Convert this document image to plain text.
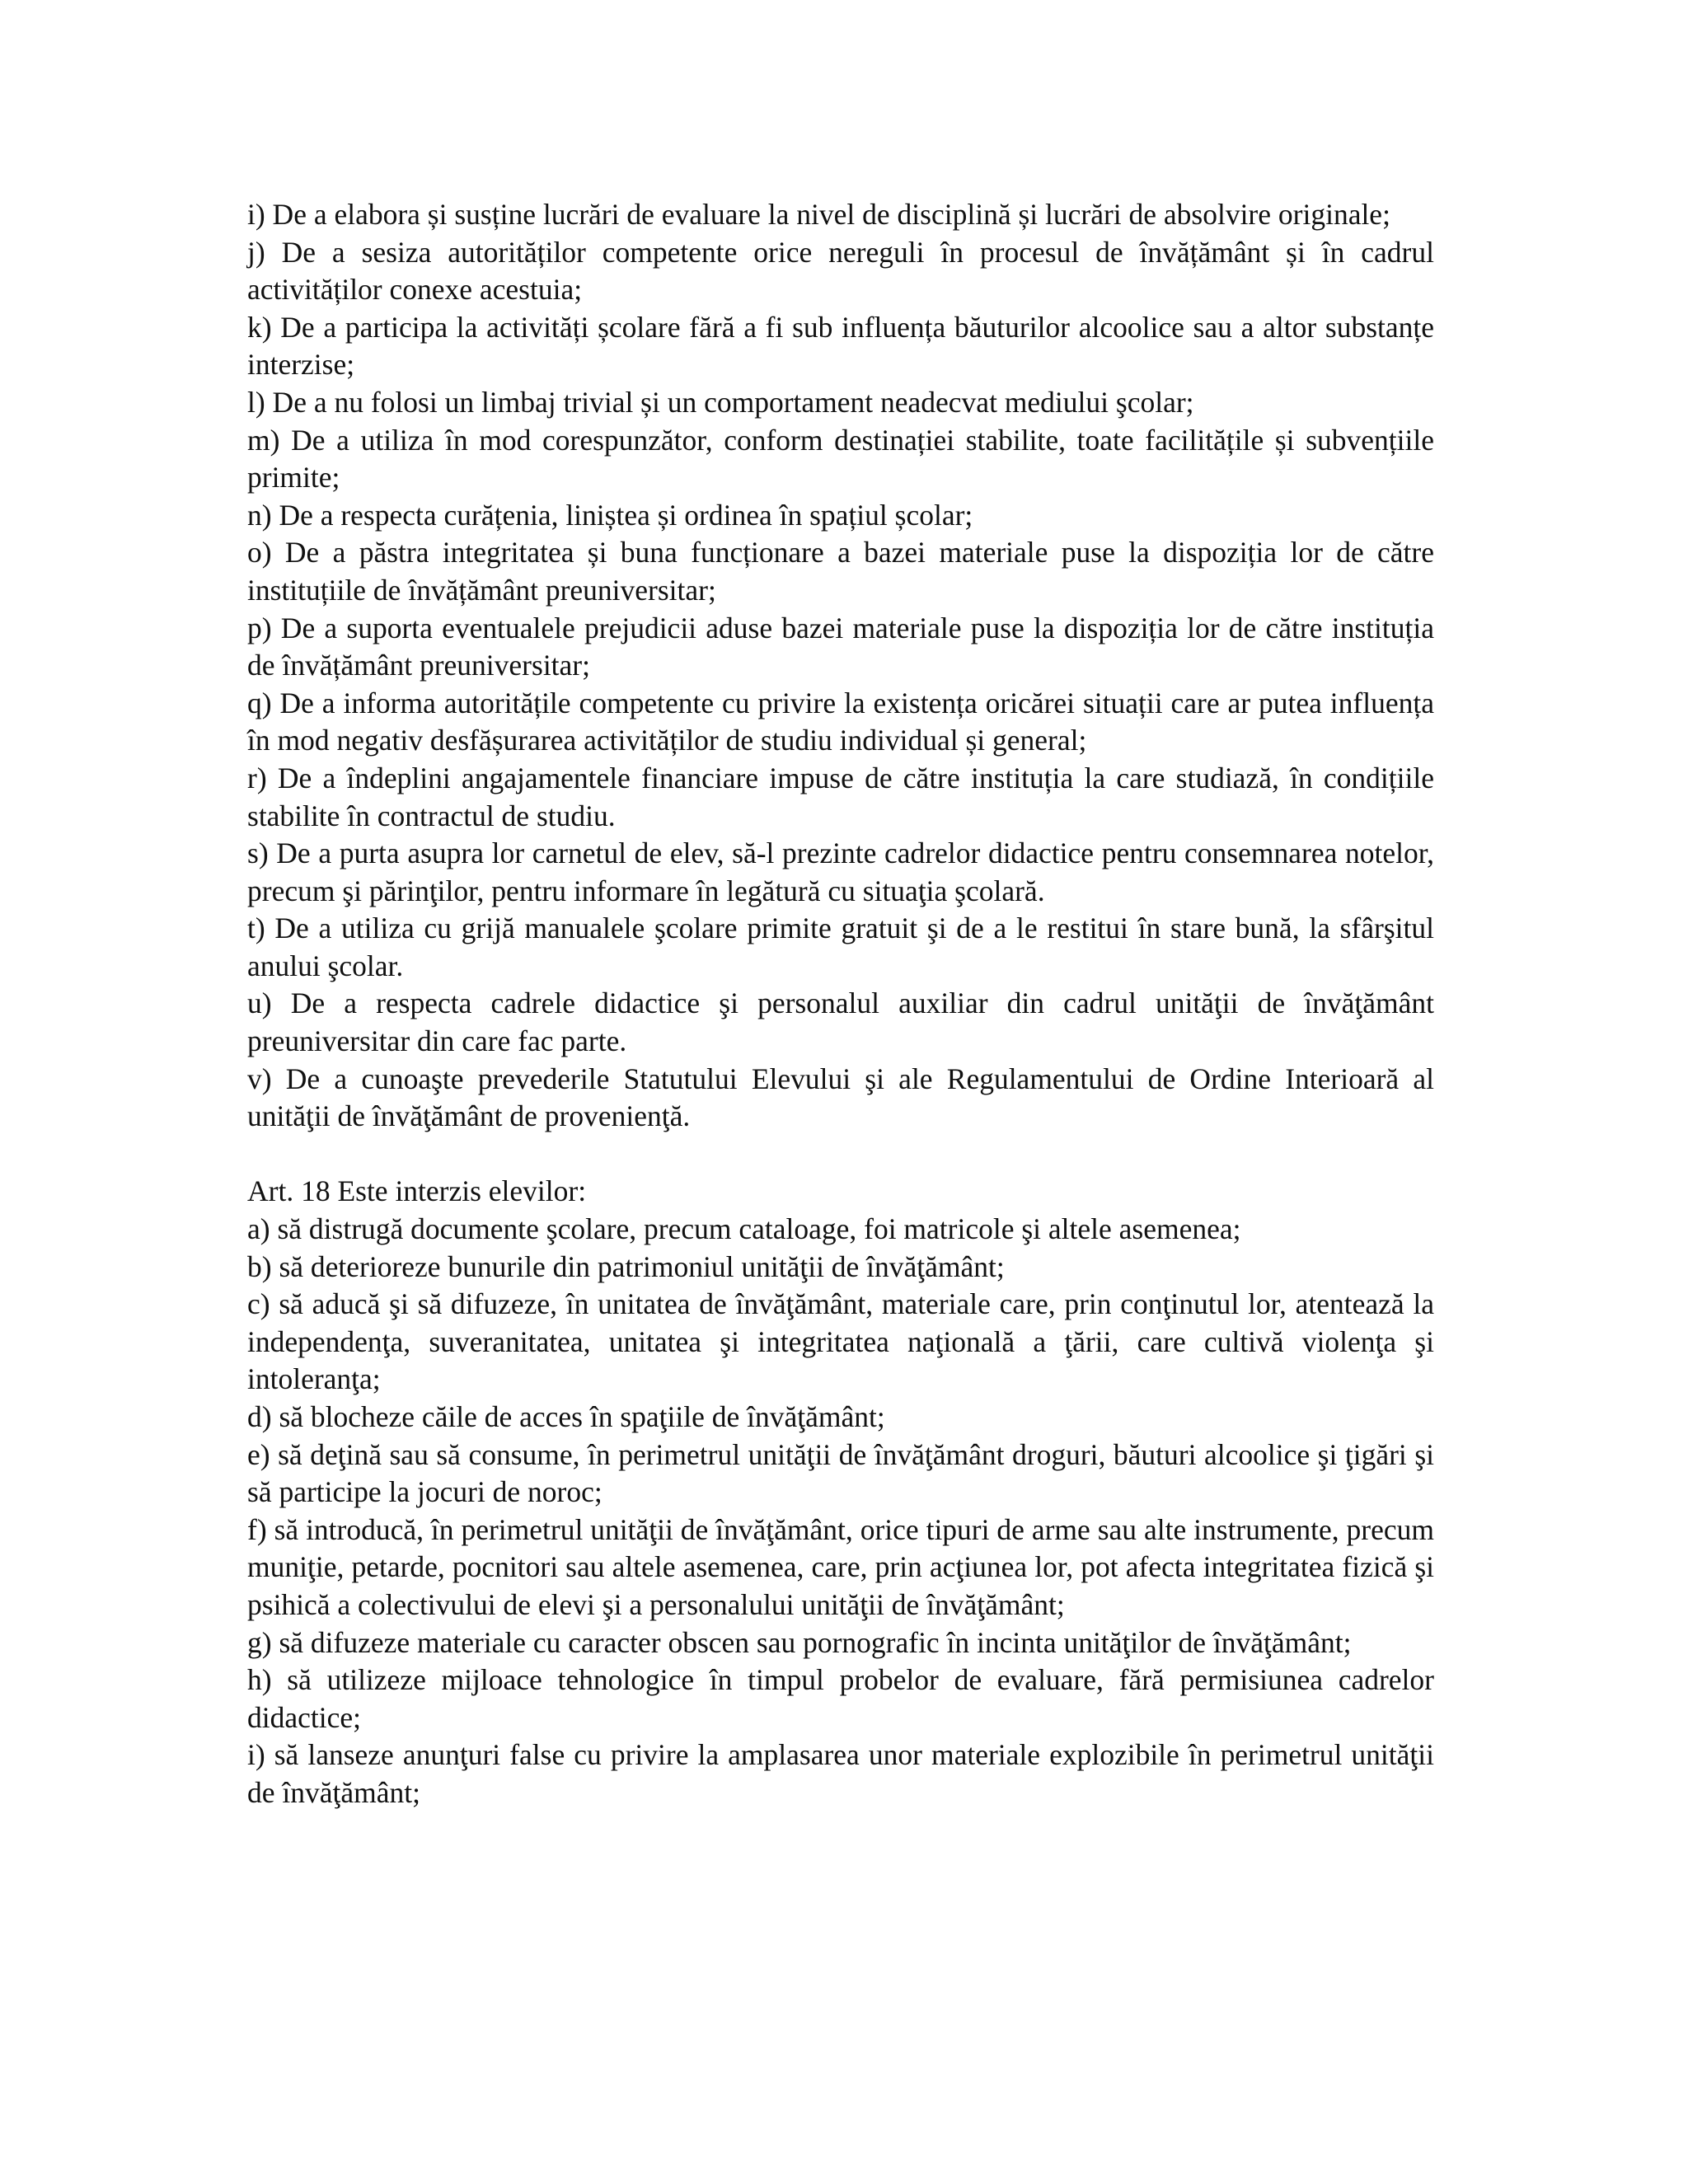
i) De a elabora și susține lucrări de evaluare la nivel de disciplină și lucrări de absolvire originale;

j) De a sesiza autorităților competente orice nereguli în procesul de învățământ și în cadrul activităților conexe acestuia;

k) De a participa la activități școlare fără a fi sub influența băuturilor alcoolice sau a altor substanțe interzise;

l) De a nu folosi un limbaj trivial și un comportament neadecvat mediului şcolar;

m) De a utiliza în mod corespunzător, conform destinației stabilite, toate facilitățile și subvențiile primite;

n) De a respecta curățenia, liniștea și ordinea în spațiul școlar;

o) De a păstra integritatea și buna funcționare a bazei materiale puse la dispoziția lor de către instituțiile de învățământ preuniversitar;

p) De a suporta eventualele prejudicii aduse bazei materiale puse la dispoziția lor de către instituția de învățământ preuniversitar;

q) De a informa autoritățile competente cu privire la existența oricărei situații care ar putea influența în mod negativ desfășurarea activităților de studiu individual și general;

r) De a îndeplini angajamentele financiare impuse de către instituția la care studiază, în condițiile stabilite în contractul de studiu.

s) De a purta asupra lor carnetul de elev, să-l prezinte cadrelor didactice pentru consemnarea notelor, precum şi părinţilor, pentru informare în legătură cu situaţia şcolară.

t) De a utiliza cu grijă manualele şcolare primite gratuit şi de a le restitui în stare bună, la sfârşitul anului şcolar.

u) De a respecta cadrele didactice şi personalul auxiliar din cadrul unităţii de învăţământ preuniversitar din care fac parte.

v) De a cunoaşte prevederile Statutului Elevului şi ale Regulamentului de Ordine Interioară al unităţii de învăţământ de provenienţă.

Art. 18 Este interzis elevilor:

a) să distrugă documente şcolare, precum cataloage, foi matricole şi altele asemenea;

b) să deterioreze bunurile din patrimoniul unităţii de învăţământ;

c) să aducă şi să difuzeze, în unitatea de învăţământ, materiale care, prin conţinutul lor, atentează la independenţa, suveranitatea, unitatea şi integritatea naţională a ţării, care cultivă violenţa şi intoleranţa;

d) să blocheze căile de acces în spaţiile de învăţământ;

e) să deţină sau să consume, în perimetrul unităţii de învăţământ droguri, băuturi alcoolice şi ţigări şi să participe la jocuri de noroc;

f) să introducă, în perimetrul unităţii de învăţământ, orice tipuri de arme sau alte instrumente, precum muniţie, petarde, pocnitori sau altele asemenea, care, prin acţiunea lor, pot afecta integritatea fizică şi psihică a colectivului de elevi şi a personalului unităţii de învăţământ;

g) să difuzeze materiale cu caracter obscen sau pornografic în incinta unităţilor de învăţământ;

h) să utilizeze mijloace tehnologice în timpul probelor de evaluare, fără permisiunea cadrelor didactice;

i) să lanseze anunţuri false cu privire la amplasarea unor materiale explozibile în perimetrul unităţii de învăţământ;
